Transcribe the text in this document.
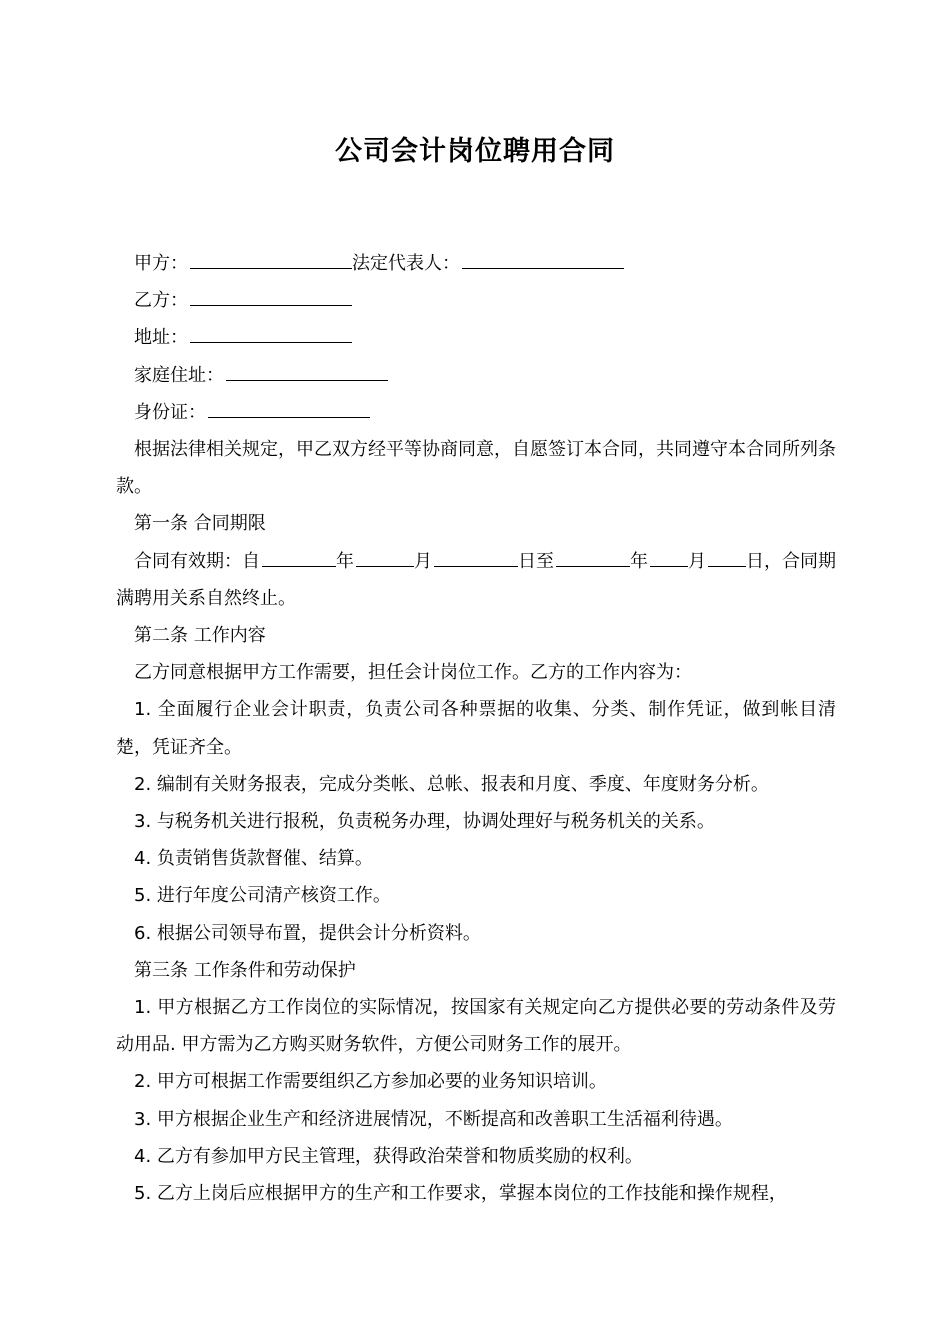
公司会计岗位聘用合同

甲方：	法定代表人：

乙方：

地址：

家庭住址：

身份证：

根据法律相关规定，甲乙双方经平等协商同意，自愿签订本合同，共同遵守本合同所列条款。

第一条 合同期限

合同有效期：自	年	月	日至	年 月 日，合同期满聘用关系自然终止。

第二条 工作内容

乙方同意根据甲方工作需要，担任会计岗位工作。乙方的工作内容为：

1. 全面履行企业会计职责，负责公司各种票据的收集、分类、制作凭证，做到帐目清楚，凭证齐全。

2. 编制有关财务报表，完成分类帐、总帐、报表和月度、季度、年度财务分析。

3. 与税务机关进行报税，负责税务办理，协调处理好与税务机关的关系。

4. 负责销售货款督催、结算。

5. 进行年度公司清产核资工作。

6. 根据公司领导布置，提供会计分析资料。

第三条 工作条件和劳动保护

1. 甲方根据乙方工作岗位的实际情况，按国家有关规定向乙方提供必要的劳动条件及劳动用品. 甲方需为乙方购买财务软件，方便公司财务工作的展开。

2. 甲方可根据工作需要组织乙方参加必要的业务知识培训。

3. 甲方根据企业生产和经济进展情况，不断提高和改善职工生活福利待遇。

4. 乙方有参加甲方民主管理，获得政治荣誉和物质奖励的权利。

5. 乙方上岗后应根据甲方的生产和工作要求，掌握本岗位的工作技能和操作规程，
